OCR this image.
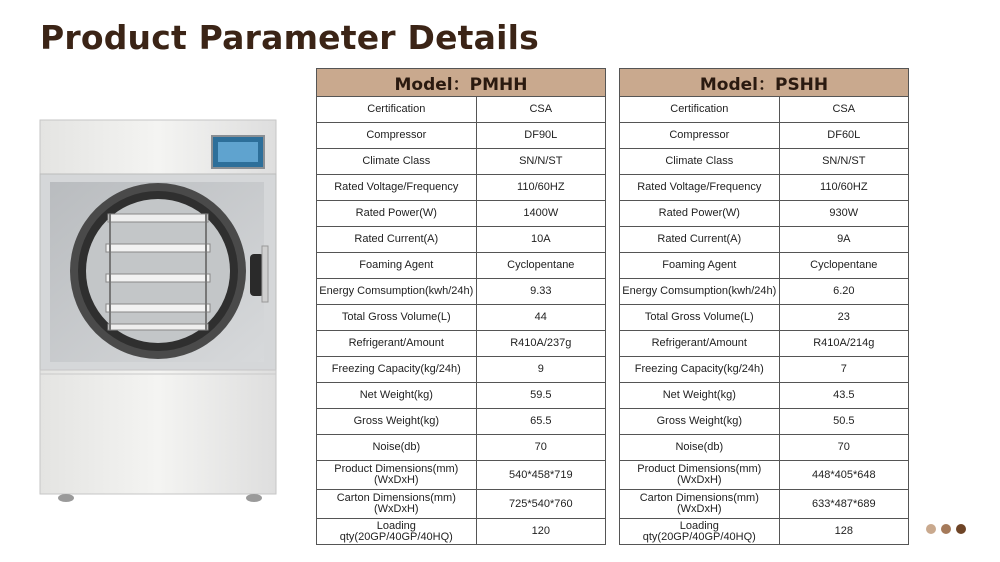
Product Parameter Details
Model：PMHH	
Certification	CSA
Compressor	DF90L
Climate Class	SN/N/ST
Rated Voltage/Frequency	110/60HZ
Rated Power(W)	1400W
Rated Current(A)	10A
Foaming Agent	Cyclopentane
Energy Comsumption(kwh/24h)	9.33
Total Gross Volume(L)	44
Refrigerant/Amount	R410A/237g
Freezing Capacity(kg/24h)	9
Net Weight(kg)	59.5
Gross Weight(kg)	65.5
Noise(db)	70
Product Dimensions(mm)(WxDxH)	540*458*719
Carton Dimensions(mm)(WxDxH)	725*540*760
Loading qty(20GP/40GP/40HQ)	120
Model：PSHH	
Certification	CSA
Compressor	DF60L
Climate Class	SN/N/ST
Rated Voltage/Frequency	110/60HZ
Rated Power(W)	930W
Rated Current(A)	9A
Foaming Agent	Cyclopentane
Energy Comsumption(kwh/24h)	6.20
Total Gross Volume(L)	23
Refrigerant/Amount	R410A/214g
Freezing Capacity(kg/24h)	7
Net Weight(kg)	43.5
Gross Weight(kg)	50.5
Noise(db)	70
Product Dimensions(mm)(WxDxH)	448*405*648
Carton Dimensions(mm)(WxDxH)	633*487*689
Loading qty(20GP/40GP/40HQ)	128
